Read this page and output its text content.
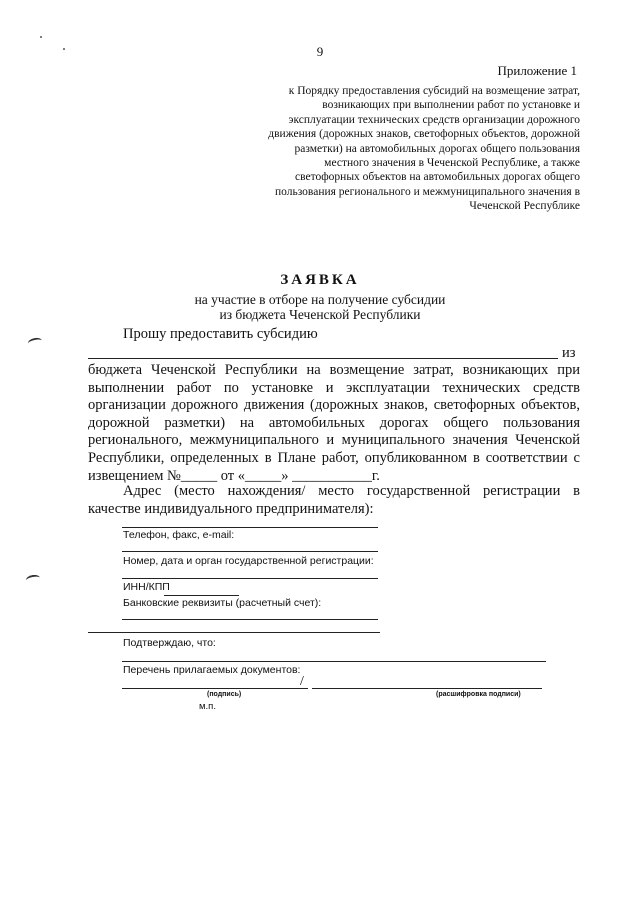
9
Приложение 1
к Порядку предоставления субсидий на возмещение затрат, возникающих при выполнении работ по установке и эксплуатации технических средств организации дорожного движения (дорожных знаков, светофорных объектов, дорожной разметки) на автомобильных дорогах общего пользования местного значения в Чеченской Республике, а также светофорных объектов на автомобильных дорогах общего пользования регионального и межмуниципального значения в Чеченской Республике
ЗАЯВКА
на участие в отборе на получение субсидии
из бюджета Чеченской Республики
Прошу предоставить субсидию
из
бюджета Чеченской Республики на возмещение затрат, возникающих при выполнении работ по установке и эксплуатации технических средств организации дорожного движения (дорожных знаков, светофорных объектов, дорожной разметки) на автомобильных дорогах общего пользования регионального, межмуниципального и муниципального значения Чеченской Республики, определенных в Плане работ, опубликованном в соответствии с извещением №_____ от «_____» ___________г.
Адрес (место нахождения/ место государственной регистрации в качестве индивидуального предпринимателя):
Телефон, факс, e-mail:
Номер, дата и орган государственной регистрации:
ИНН/КПП
Банковские реквизиты (расчетный счет):
Подтверждаю, что:
Перечень прилагаемых документов:
/
(подпись)	(расшифровка подписи)
м.п.
